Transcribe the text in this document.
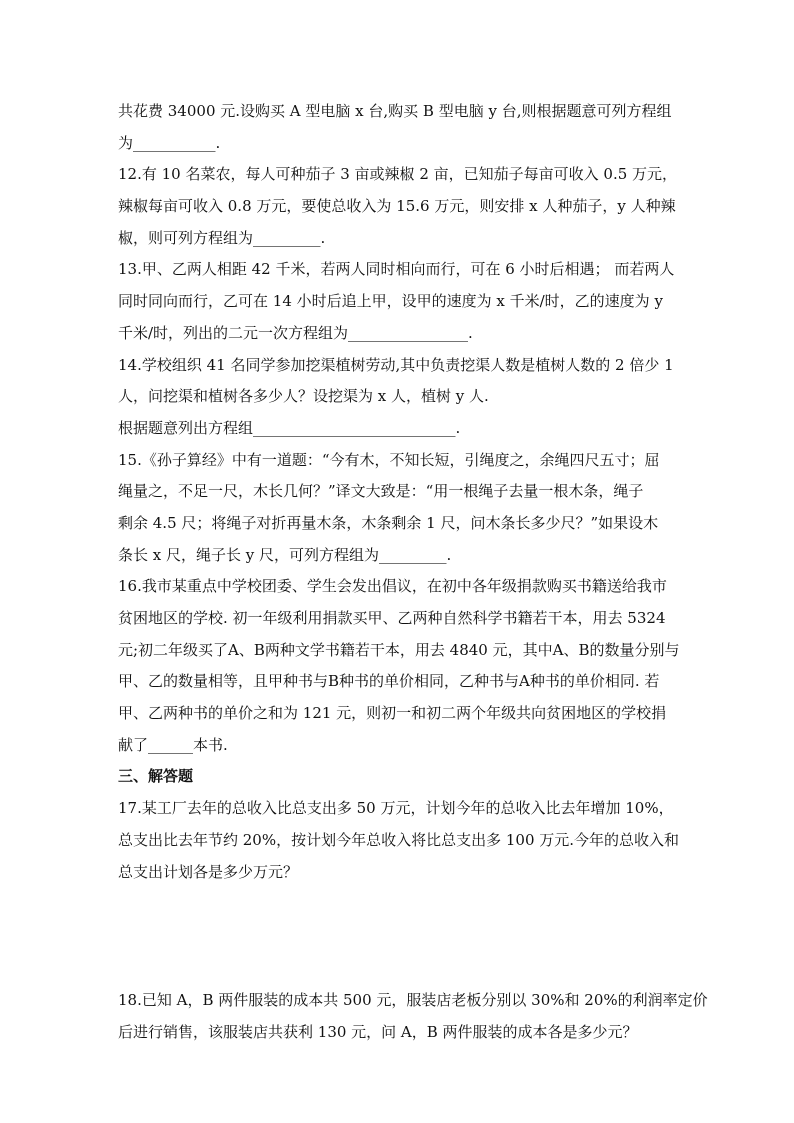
共花费 34000 元.设购买 A 型电脑 x 台,购买 B 型电脑 y 台,则根据题意可列方程组
为___________.
12.有 10 名菜农，每人可种茄子 3 亩或辣椒 2 亩，已知茄子每亩可收入 0.5 万元，
辣椒每亩可收入 0.8 万元，要使总收入为 15.6 万元，则安排 x 人种茄子，y 人种辣
椒，则可列方程组为_________.
13.甲、乙两人相距 42 千米，若两人同时相向而行，可在 6 小时后相遇； 而若两人
同时同向而行，乙可在 14 小时后追上甲，设甲的速度为 x 千米/时，乙的速度为 y
千米/时，列出的二元一次方程组为________________.
14.学校组织 41 名同学参加挖渠植树劳动,其中负责挖渠人数是植树人数的 2 倍少 1
人，问挖渠和植树各多少人？设挖渠为 x 人，植树 y 人.
根据题意列出方程组___________________________.
15.《孙子算经》中有一道题：“今有木，不知长短，引绳度之，余绳四尺五寸；屈
绳量之，不足一尺，木长几何？”译文大致是：“用一根绳子去量一根木条，绳子
剩余 4.5 尺；将绳子对折再量木条，木条剩余 1 尺，问木条长多少尺？”如果设木
条长 x 尺，绳子长 y 尺，可列方程组为_________.
16.我市某重点中学校团委、学生会发出倡议，在初中各年级捐款购买书籍送给我市
贫困地区的学校. 初一年级利用捐款买甲、乙两种自然科学书籍若干本，用去 5324
元;初二年级买了A、B两种文学书籍若干本，用去 4840 元，其中A、B的数量分别与
甲、乙的数量相等，且甲种书与B种书的单价相同，乙种书与A种书的单价相同. 若
甲、乙两种书的单价之和为 121 元，则初一和初二两个年级共向贫困地区的学校捐
献了______本书.
三、解答题
17.某工厂去年的总收入比总支出多 50 万元，计划今年的总收入比去年增加 10%，
总支出比去年节约 20%，按计划今年总收入将比总支出多 100 万元.今年的总收入和
总支出计划各是多少万元？
18.已知 A，B 两件服装的成本共 500 元，服装店老板分别以 30%和 20%的利润率定价
后进行销售，该服装店共获利 130 元，问 A，B 两件服装的成本各是多少元？
